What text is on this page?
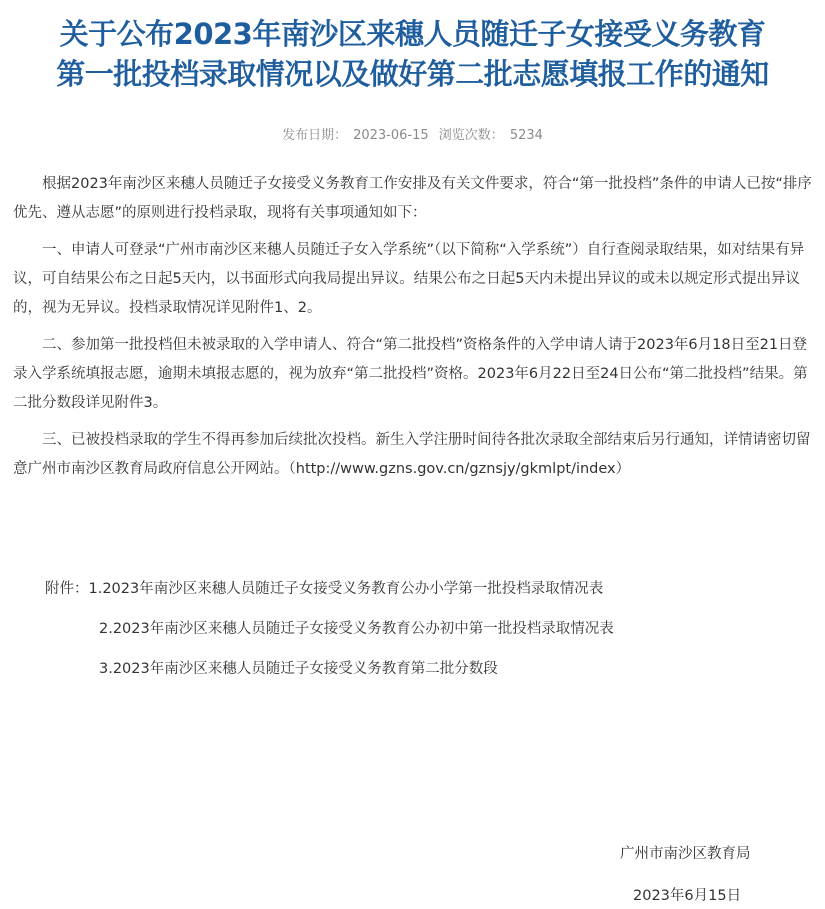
关于公布2023年南沙区来穗人员随迁子女接受义务教育
第一批投档录取情况以及做好第二批志愿填报工作的通知
发布日期： 2023-06-15 浏览次数： 5234

根据2023年南沙区来穗人员随迁子女接受义务教育工作安排及有关文件要求，符合“第一批投档”条件的申请人已按“排序优先、遵从志愿”的原则进行投档录取，现将有关事项通知如下：

一、申请人可登录“广州市南沙区来穗人员随迁子女入学系统”（以下简称“入学系统”）自行查阅录取结果，如对结果有异议，可自结果公布之日起5天内，以书面形式向我局提出异议。结果公布之日起5天内未提出异议的或未以规定形式提出异议的，视为无异议。投档录取情况详见附件1、2。

二、参加第一批投档但未被录取的入学申请人、符合“第二批投档”资格条件的入学申请人请于2023年6月18日至21日登录入学系统填报志愿，逾期未填报志愿的，视为放弃“第二批投档”资格。2023年6月22日至24日公布“第二批投档”结果。第二批分数段详见附件3。

三、已被投档录取的学生不得再参加后续批次投档。新生入学注册时间待各批次录取全部结束后另行通知，详情请密切留意广州市南沙区教育局政府信息公开网站。（http://www.gzns.gov.cn/gznsjy/gkmlpt/index）

附件：1.2023年南沙区来穗人员随迁子女接受义务教育公办小学第一批投档录取情况表
2.2023年南沙区来穗人员随迁子女接受义务教育公办初中第一批投档录取情况表
3.2023年南沙区来穗人员随迁子女接受义务教育第二批分数段
广州市南沙区教育局
2023年6月15日
